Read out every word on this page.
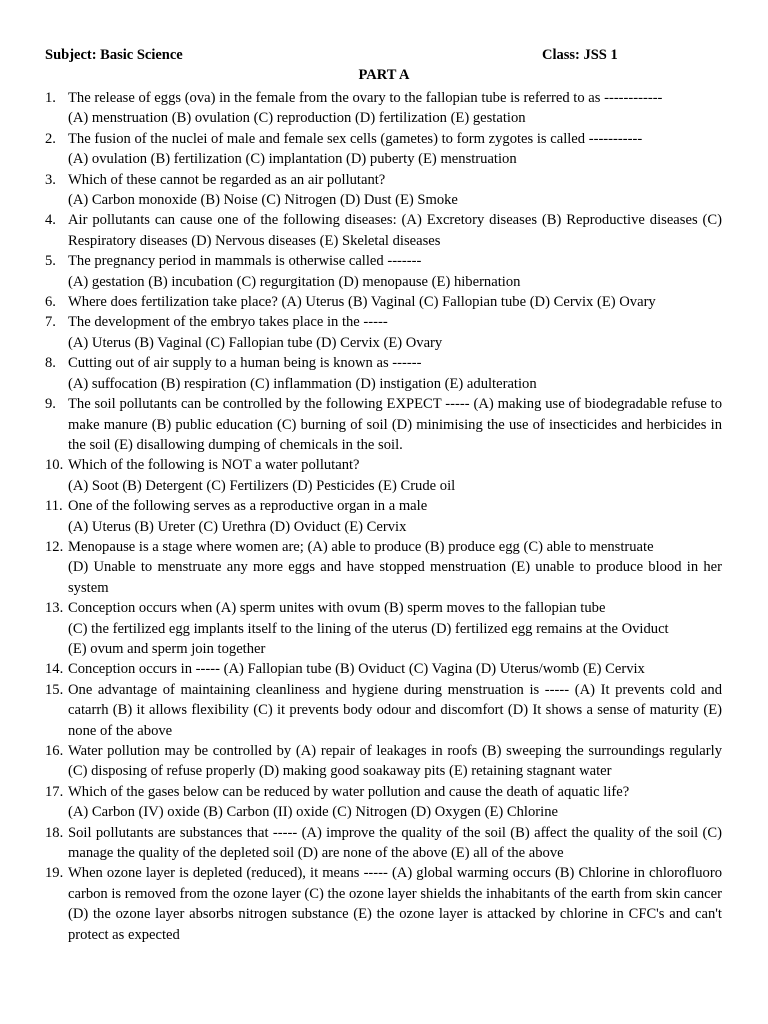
Subject: Basic Science	Class: JSS 1
PART A
1. The release of eggs (ova) in the female from the ovary to the fallopian tube is referred to as ------------
(A) menstruation (B) ovulation (C) reproduction (D) fertilization (E) gestation
2. The fusion of the nuclei of male and female sex cells (gametes) to form zygotes is called -----------
(A) ovulation (B) fertilization (C) implantation (D) puberty (E) menstruation
3. Which of these cannot be regarded as an air pollutant?
(A) Carbon monoxide (B) Noise (C) Nitrogen (D) Dust (E) Smoke
4. Air pollutants can cause one of the following diseases: (A) Excretory diseases (B) Reproductive diseases (C) Respiratory diseases (D) Nervous diseases (E) Skeletal diseases
5. The pregnancy period in mammals is otherwise called -------
(A) gestation (B) incubation (C) regurgitation (D) menopause (E) hibernation
6. Where does fertilization take place? (A) Uterus (B) Vaginal (C) Fallopian tube (D) Cervix (E) Ovary
7. The development of the embryo takes place in the -----
(A) Uterus (B) Vaginal (C) Fallopian tube (D) Cervix (E) Ovary
8. Cutting out of air supply to a human being is known as ------
(A) suffocation (B) respiration (C) inflammation (D) instigation (E) adulteration
9. The soil pollutants can be controlled by the following EXPECT ----- (A) making use of biodegradable refuse to make manure (B) public education (C) burning of soil (D) minimising the use of insecticides and herbicides in the soil (E) disallowing dumping of chemicals in the soil.
10. Which of the following is NOT a water pollutant?
(A) Soot (B) Detergent (C) Fertilizers (D) Pesticides (E) Crude oil
11. One of the following serves as a reproductive organ in a male
(A) Uterus (B) Ureter (C) Urethra (D) Oviduct (E) Cervix
12. Menopause is a stage where women are; (A) able to produce (B) produce egg (C) able to menstruate
(D) Unable to menstruate any more eggs and have stopped menstruation (E) unable to produce blood in her system
13. Conception occurs when (A) sperm unites with ovum (B) sperm moves to the fallopian tube
(C) the fertilized egg implants itself to the lining of the uterus (D) fertilized egg remains at the Oviduct
(E) ovum and sperm join together
14. Conception occurs in ----- (A) Fallopian tube (B) Oviduct (C) Vagina (D) Uterus/womb (E) Cervix
15. One advantage of maintaining cleanliness and hygiene during menstruation is ----- (A) It prevents cold and catarrh (B) it allows flexibility (C) it prevents body odour and discomfort (D) It shows a sense of maturity (E) none of the above
16. Water pollution may be controlled by (A) repair of leakages in roofs (B) sweeping the surroundings regularly (C) disposing of refuse properly (D) making good soakaway pits (E) retaining stagnant water
17. Which of the gases below can be reduced by water pollution and cause the death of aquatic life?
(A) Carbon (IV) oxide (B) Carbon (II) oxide (C) Nitrogen (D) Oxygen (E) Chlorine
18. Soil pollutants are substances that ----- (A) improve the quality of the soil (B) affect the quality of the soil (C) manage the quality of the depleted soil (D) are none of the above (E) all of the above
19. When ozone layer is depleted (reduced), it means ----- (A) global warming occurs (B) Chlorine in chlorofluoro carbon is removed from the ozone layer (C) the ozone layer shields the inhabitants of the earth from skin cancer (D) the ozone layer absorbs nitrogen substance (E) the ozone layer is attacked by chlorine in CFC's and can't protect as expected
